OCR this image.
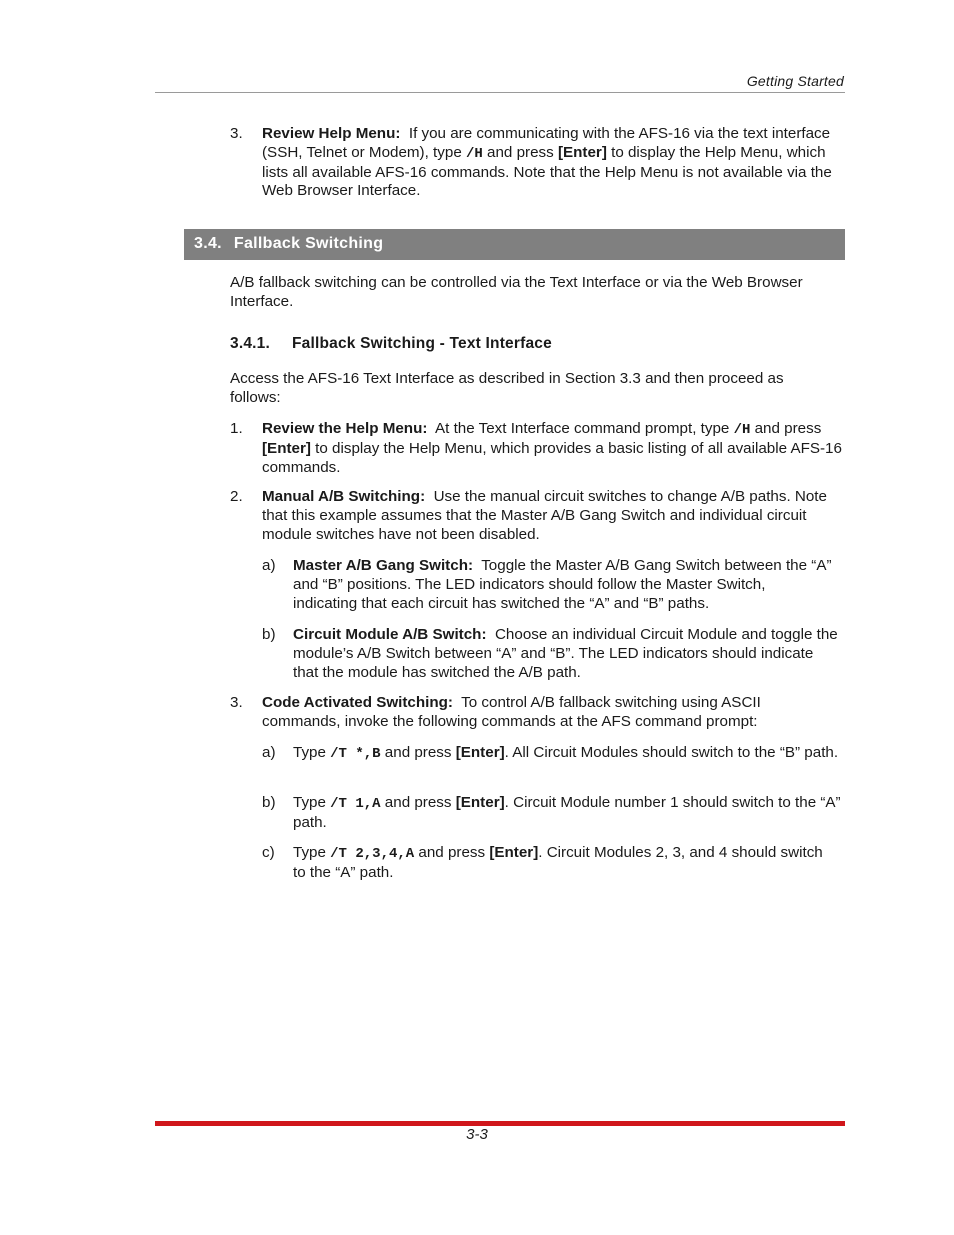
Getting Started
3. Review Help Menu: If you are communicating with the AFS-16 via the text interface (SSH, Telnet or Modem), type /H and press [Enter] to display the Help Menu, which lists all available AFS-16 commands. Note that the Help Menu is not available via the Web Browser Interface.
3.4. Fallback Switching
A/B fallback switching can be controlled via the Text Interface or via the Web Browser Interface.
3.4.1. Fallback Switching - Text Interface
Access the AFS-16 Text Interface as described in Section 3.3 and then proceed as follows:
1. Review the Help Menu: At the Text Interface command prompt, type /H and press [Enter] to display the Help Menu, which provides a basic listing of all available AFS-16 commands.
2. Manual A/B Switching: Use the manual circuit switches to change A/B paths. Note that this example assumes that the Master A/B Gang Switch and individual circuit module switches have not been disabled.
a) Master A/B Gang Switch: Toggle the Master A/B Gang Switch between the “A” and “B” positions. The LED indicators should follow the Master Switch, indicating that each circuit has switched the “A” and “B” paths.
b) Circuit Module A/B Switch: Choose an individual Circuit Module and toggle the module’s A/B Switch between “A” and “B”. The LED indicators should indicate that the module has switched the A/B path.
3. Code Activated Switching: To control A/B fallback switching using ASCII commands, invoke the following commands at the AFS command prompt:
a) Type /T *,B and press [Enter]. All Circuit Modules should switch to the “B” path.
b) Type /T 1,A and press [Enter]. Circuit Module number 1 should switch to the “A” path.
c) Type /T 2,3,4,A and press [Enter]. Circuit Modules 2, 3, and 4 should switch to the “A” path.
3-3
